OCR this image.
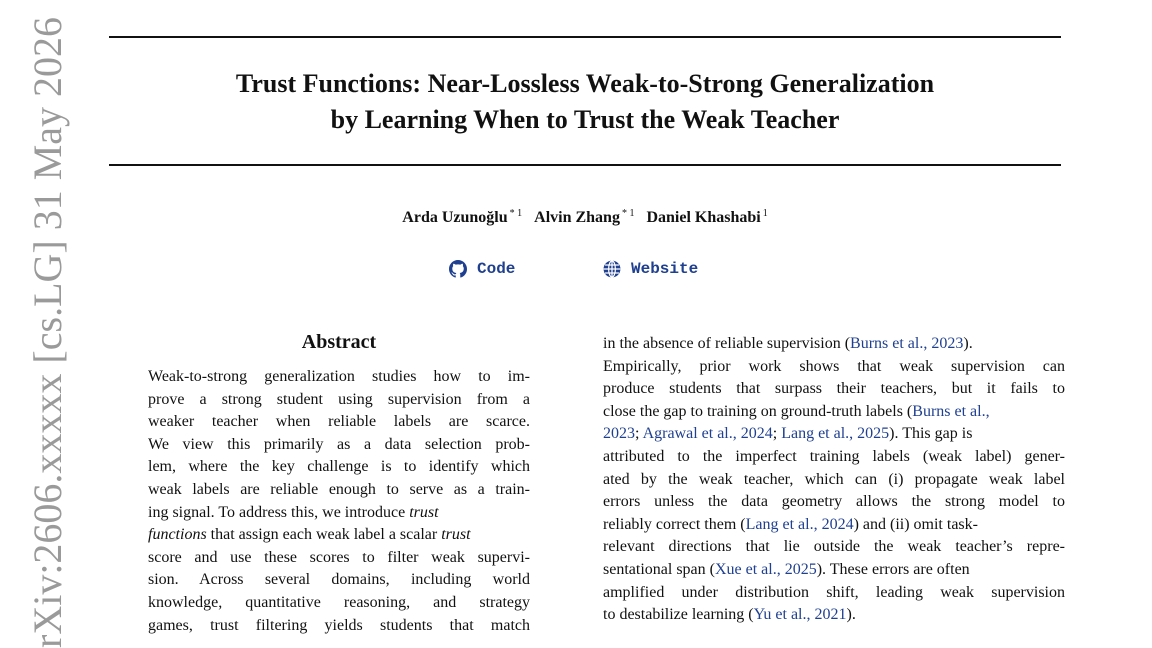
Trust Functions: Near-Lossless Weak-to-Strong Generalization
by Learning When to Trust the Weak Teacher
Arda Uzunoğlu $^{* 1}$ Alvin Zhang $^{* 1}$ Daniel Khashabi $^1$
Code	Website
rXiv:2606.xxxxx [cs.LG] 31 May 2026	Abstract
Weak-to-strong generalization studies how to im-
prove a strong student using supervision from a
weaker teacher when reliable labels are scarce.
We view this primarily as a data selection prob-
lem, where the key challenge is to identify which
weak labels are reliable enough to serve as a train-
ing signal. To address this, we introduce trust
functions that assign each weak label a scalar trust
score and use these scores to filter weak supervi-
sion. Across several domains, including world
knowledge, quantitative reasoning, and strategy
games, trust filtering yields students that match
in the absence of reliable supervision (Burns et al., 2023).
Empirically, prior work shows that weak supervision can
produce students that surpass their teachers, but it fails to
close the gap to training on ground-truth labels (Burns et al.,
2023; Agrawal et al., 2024; Lang et al., 2025). This gap is
attributed to the imperfect training labels (weak label) gener-
ated by the weak teacher, which can (i) propagate weak label
errors unless the data geometry allows the strong model to
reliably correct them (Lang et al., 2024) and (ii) omit task-
relevant directions that lie outside the weak teacher’s repre-
sentational span (Xue et al., 2025). These errors are often
amplified under distribution shift, leading weak supervision
to destabilize learning (Yu et al., 2021).
